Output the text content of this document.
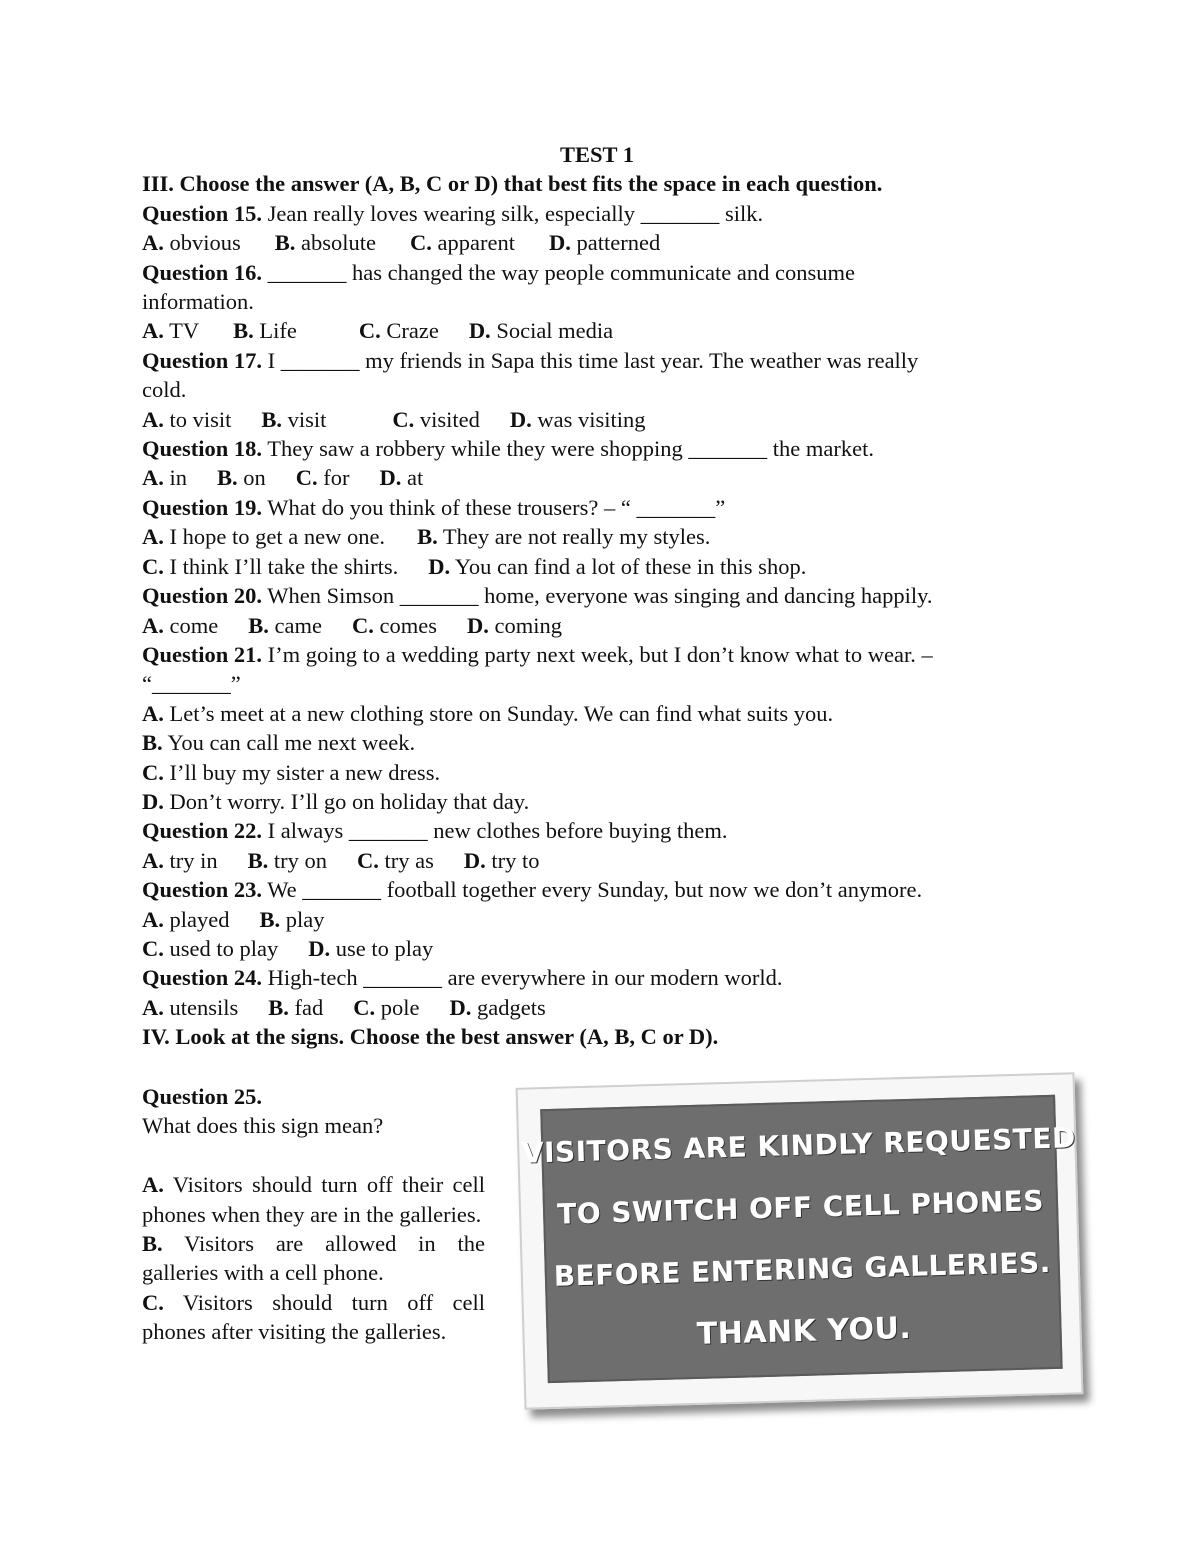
TEST 1
III. Choose the answer (A, B, C or D) that best fits the space in each question.
Question 15. Jean really loves wearing silk, especially _______ silk.
A. obvious B. absolute C. apparent D. patterned
Question 16. _______ has changed the way people communicate and consume
information.
A. TV B. Life	C. Craze D. Social media
Question 17. I _______ my friends in Sapa this time last year. The weather was really
cold.
A. to visit B. visit	C. visited D. was visiting
Question 18. They saw a robbery while they were shopping _______ the market.
A. in B. on C. for D. at
Question 19. What do you think of these trousers? – “ _______”
A. I hope to get a new one. B. They are not really my styles.
C. I think I’ll take the shirts. D. You can find a lot of these in this shop.
Question 20. When Simson _______ home, everyone was singing and dancing happily.
A. come B. came C. comes D. coming
Question 21. I’m going to a wedding party next week, but I don’t know what to wear. –
“_______”
A. Let’s meet at a new clothing store on Sunday. We can find what suits you.
B. You can call me next week.
C. I’ll buy my sister a new dress.
D. Don’t worry. I’ll go on holiday that day.
Question 22. I always _______ new clothes before buying them.
A. try in B. try on C. try as D. try to
Question 23. We _______ football together every Sunday, but now we don’t anymore.
A. played B. play
C. used to play D. use to play
Question 24. High-tech _______ are everywhere in our modern world.
A. utensils B. fad C. pole D. gadgets
IV. Look at the signs. Choose the best answer (A, B, C or D).
Question 25.
What does this sign mean?
A. Visitors should turn off their cell phones when they are in the galleries.
B. Visitors are allowed in the galleries with a cell phone.
C. Visitors should turn off cell phones after visiting the galleries.
VISITORS ARE KINDLY REQUESTED
TO SWITCH OFF CELL PHONES
BEFORE ENTERING GALLERIES.
THANK YOU.
